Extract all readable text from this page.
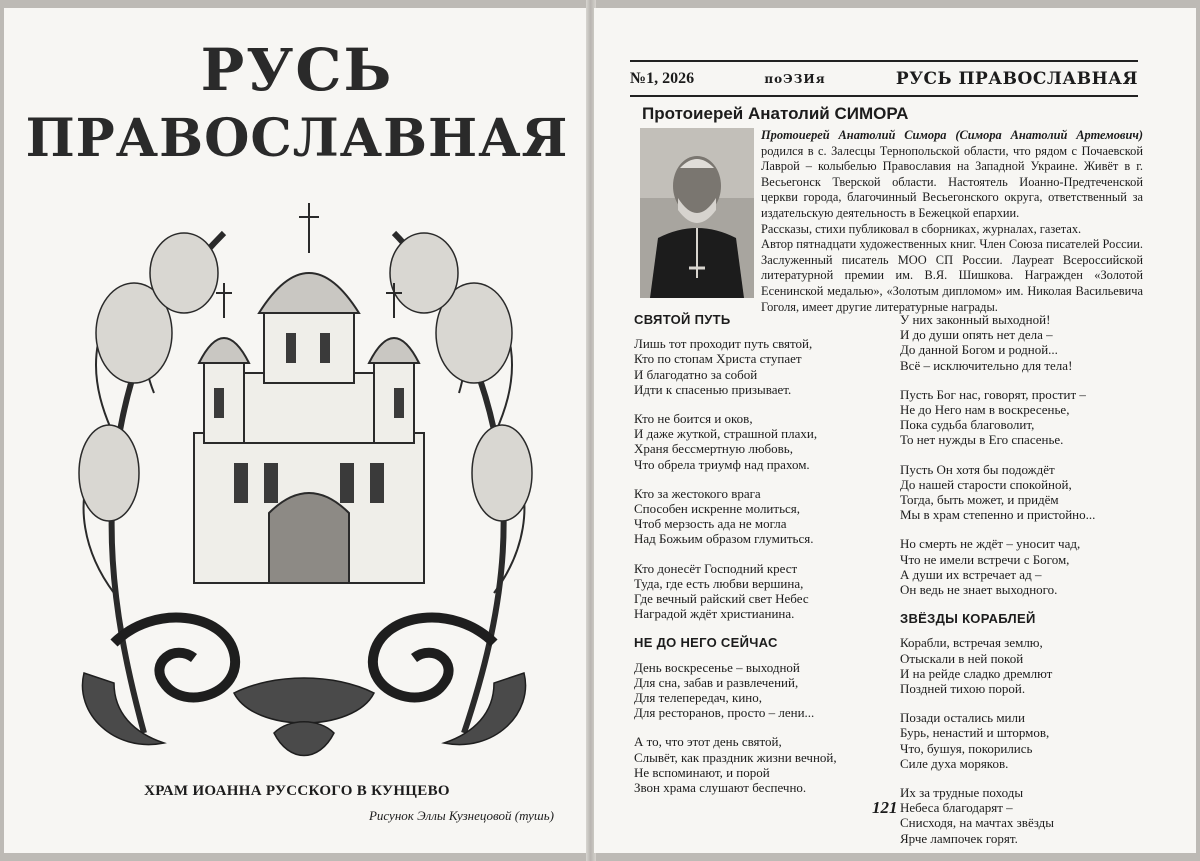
РУСЬ
ПРАВОСЛАВНАЯ
ХРАМ ИОАННА РУССКОГО В КУНЦЕВО
Рисунок Эллы Кузнецовой (тушь)
№1, 2026	поЭЗИя	РУСЬ ПРАВОСЛАВНАЯ
Протоиерей Анатолий СИМОРА

Протоиерей Анатолий Симора (Симора Анатолий Артемович) родился в с. Залесцы Тернопольской области, что рядом с Почаевской Лаврой – колыбелью Православия на Западной Украине. Живёт в г. Весьегонск Тверской области. Настоятель Иоанно-Предтеченской церкви города, благочинный Весьегонского округа, ответственный за издательскую деятельность в Бежецкой епархии.

Рассказы, стихи публиковал в сборниках, журналах, газетах.

Автор пятнадцати художественных книг. Член Союза писателей России. Заслуженный писатель МОО СП России. Лауреат Всероссийской литературной премии им. В.Я. Шишкова. Награжден «Золотой Есенинской медалью», «Золотым дипломом» им. Николая Васильевича Гоголя, имеет другие литературные награды.

СВЯТОЙ ПУТЬ
Лишь тот проходит путь святой,
Кто по стопам Христа ступает
И благодатно за собой
Идти к спасенью призывает.
Кто не боится и оков,
И даже жуткой, страшной плахи,
Храня бессмертную любовь,
Что обрела триумф над прахом.
Кто за жестокого врага
Способен искренне молиться,
Чтоб мерзость ада не могла
Над Божьим образом глумиться.
Кто донесёт Господний крест
Туда, где есть любви вершина,
Где вечный райский свет Небес
Наградой ждёт христианина.
НЕ ДО НЕГО СЕЙЧАС
День воскресенье – выходной
Для сна, забав и развлечений,
Для телепередач, кино,
Для ресторанов, просто – лени...
А то, что этот день святой,
Слывёт, как праздник жизни вечной,
Не вспоминают, и порой
Звон храма слушают беспечно.
У них законный выходной!
И до души опять нет дела –
До данной Богом и родной...
Всё – исключительно для тела!
Пусть Бог нас, говорят, простит –
Не до Него нам в воскресенье,
Пока судьба благоволит,
То нет нужды в Его спасенье.
Пусть Он хотя бы подождёт
До нашей старости спокойной,
Тогда, быть может, и придём
Мы в храм степенно и пристойно...
Но смерть не ждёт – уносит чад,
Что не имели встречи с Богом,
А души их встречает ад –
Он ведь не знает выходного.
ЗВЁЗДЫ КОРАБЛЕЙ
Корабли, встречая землю,
Отыскали в ней покой
И на рейде сладко дремлют
Поздней тихою порой.
Позади остались мили
Бурь, ненастий и штормов,
Что, бушуя, покорились
Силе духа моряков.
Их за трудные походы
Небеса благодарят –
Снисходя, на мачтах звёзды
Ярче лампочек горят.
121
